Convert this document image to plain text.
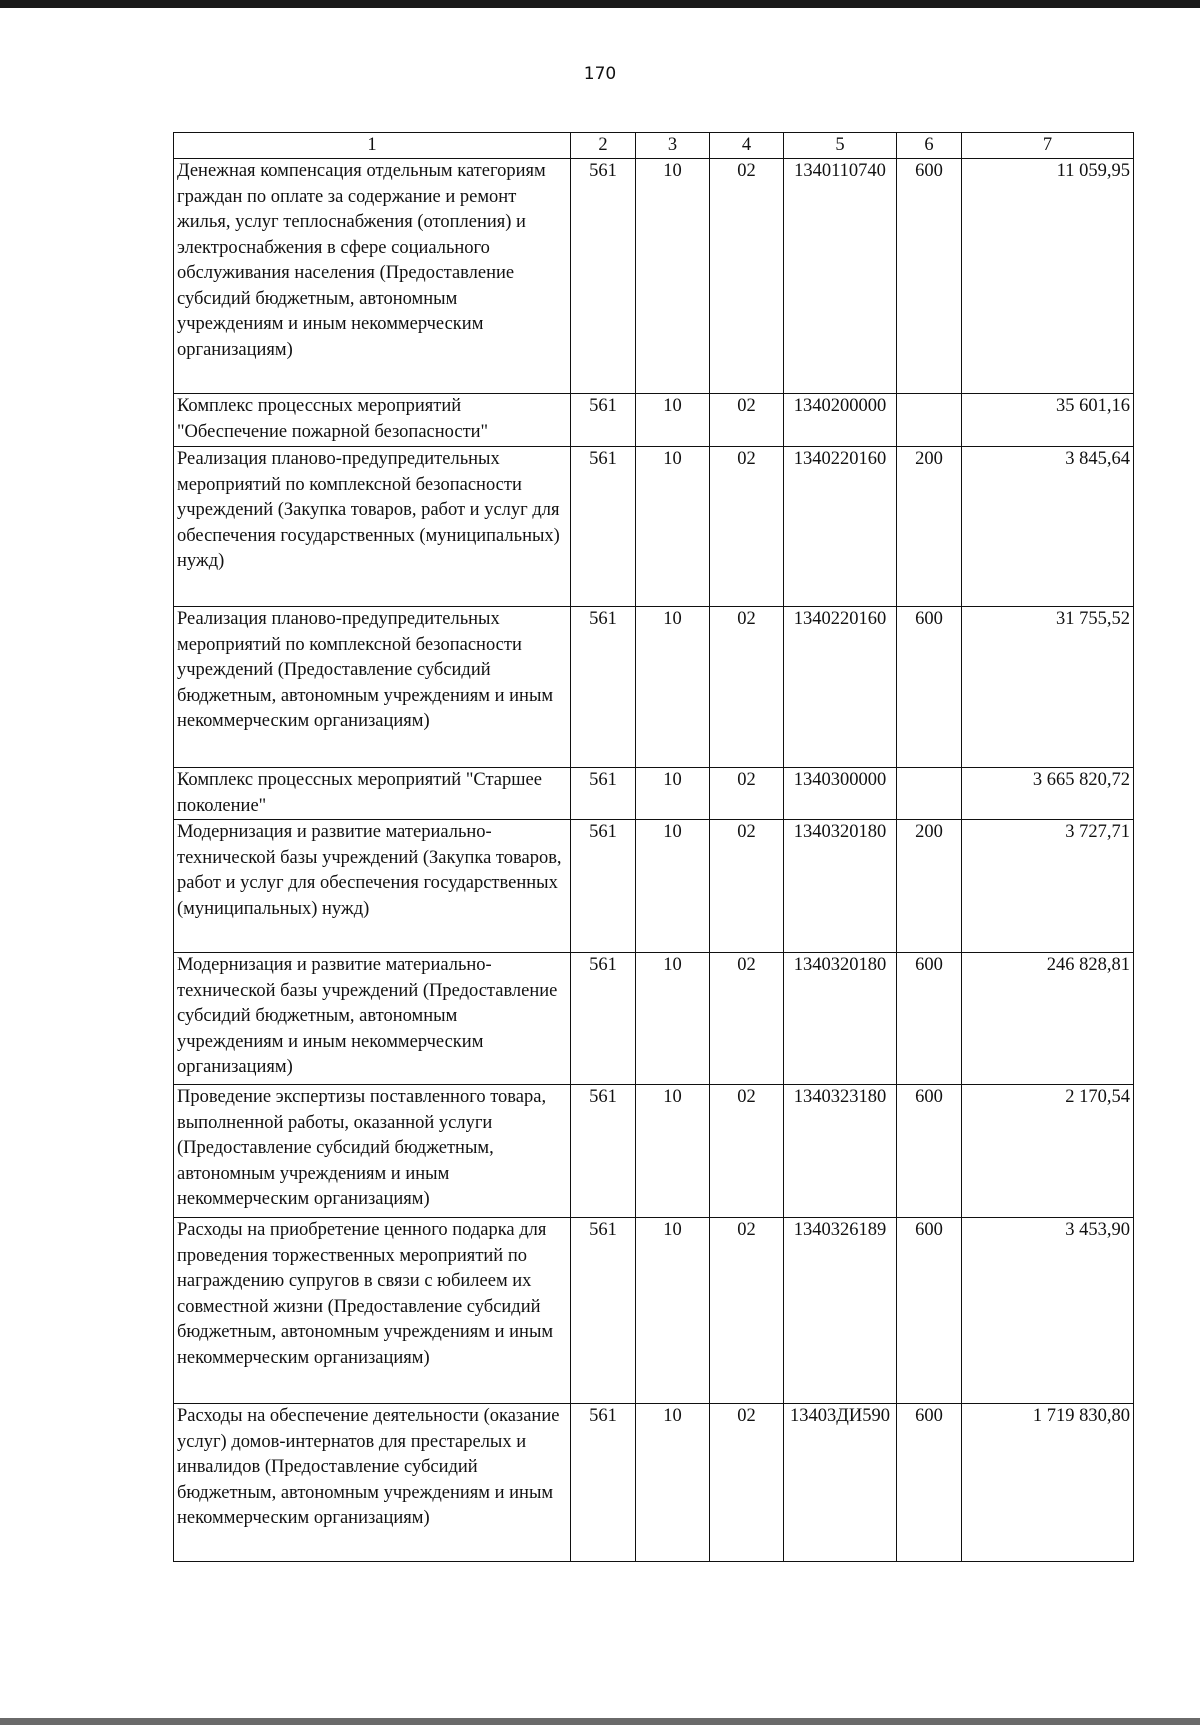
170
1	2	3	4	5	6	7
Денежная компенсация отдельным категориям граждан по оплате за содержание и ремонт жилья, услуг теплоснабжения (отопления) и электроснабжения в сфере социального обслуживания населения (Предоставление субсидий бюджетным, автономным учреждениям и иным некоммерческим организациям)	561	10	02	1340110740	600	11 059,95
Комплекс процессных мероприятий "Обеспечение пожарной безопасности"	561	10	02	1340200000		35 601,16
Реализация планово-предупредительных мероприятий по комплексной безопасности учреждений (Закупка товаров, работ и услуг для обеспечения государственных (муниципальных) нужд)	561	10	02	1340220160	200	3 845,64
Реализация планово-предупредительных мероприятий по комплексной безопасности учреждений (Предоставление субсидий бюджетным, автономным учреждениям и иным некоммерческим организациям)	561	10	02	1340220160	600	31 755,52
Комплекс процессных мероприятий "Старшее поколение"	561	10	02	1340300000		3 665 820,72
Модернизация и развитие материально-технической базы учреждений (Закупка товаров, работ и услуг для обеспечения государственных (муниципальных) нужд)	561	10	02	1340320180	200	3 727,71
Модернизация и развитие материально-технической базы учреждений (Предоставление субсидий бюджетным, автономным учреждениям и иным некоммерческим организациям)	561	10	02	1340320180	600	246 828,81
Проведение экспертизы поставленного товара, выполненной работы, оказанной услуги (Предоставление субсидий бюджетным, автономным учреждениям и иным некоммерческим организациям)	561	10	02	1340323180	600	2 170,54
Расходы на приобретение ценного подарка для проведения торжественных мероприятий по награждению супругов в связи с юбилеем их совместной жизни (Предоставление субсидий бюджетным, автономным учреждениям и иным некоммерческим организациям)	561	10	02	1340326189	600	3 453,90
Расходы на обеспечение деятельности (оказание услуг) домов-интернатов для престарелых и инвалидов (Предоставление субсидий бюджетным, автономным учреждениям и иным некоммерческим организациям)	561	10	02	13403ДИ590	600	1 719 830,80
